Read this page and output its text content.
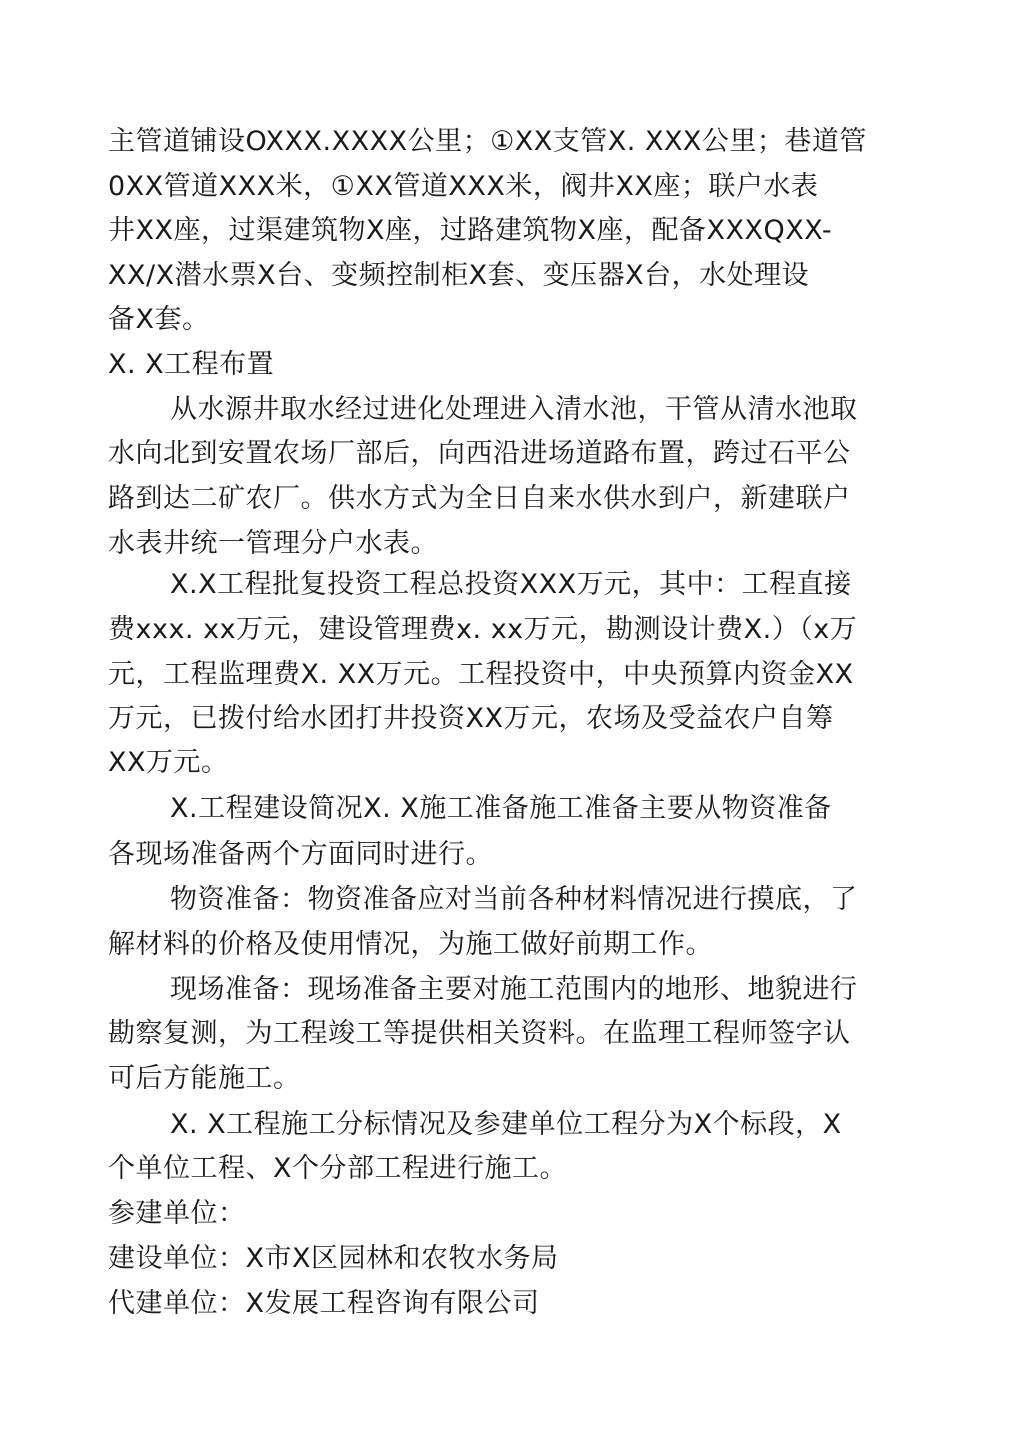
主管道铺设OXXX.XXXX公里；①XX支管X. XXX公里；巷道管
0XX管道XXX米，①XX管道XXX米，阀井XX座；联户水表
井XX座，过渠建筑物X座，过路建筑物X座，配备XXXQXX-
XX/X潜水票X台、变频控制柜X套、变压器X台，水处理设
备X套。
X. X工程布置
从水源井取水经过进化处理进入清水池，干管从清水池取
水向北到安置农场厂部后，向西沿进场道路布置，跨过石平公
路到达二矿农厂。供水方式为全日自来水供水到户，新建联户
水表井统一管理分户水表。
X.X工程批复投资工程总投资XXX万元，其中：工程直接
费xxx. xx万元，建设管理费x. xx万元，勘测设计费X.）（x万
元，工程监理费X. XX万元。工程投资中，中央预算内资金XX
万元，已拨付给水团打井投资XX万元，农场及受益农户自筹
XX万元。
X.工程建设简况X. X施工准备施工准备主要从物资准备
各现场准备两个方面同时进行。
物资准备：物资准备应对当前各种材料情况进行摸底，了
解材料的价格及使用情况，为施工做好前期工作。
现场准备：现场准备主要对施工范围内的地形、地貌进行
勘察复测，为工程竣工等提供相关资料。在监理工程师签字认
可后方能施工。
X. X工程施工分标情况及参建单位工程分为X个标段，X
个单位工程、X个分部工程进行施工。
参建单位：
建设单位：X市X区园林和农牧水务局
代建单位：X发展工程咨询有限公司
